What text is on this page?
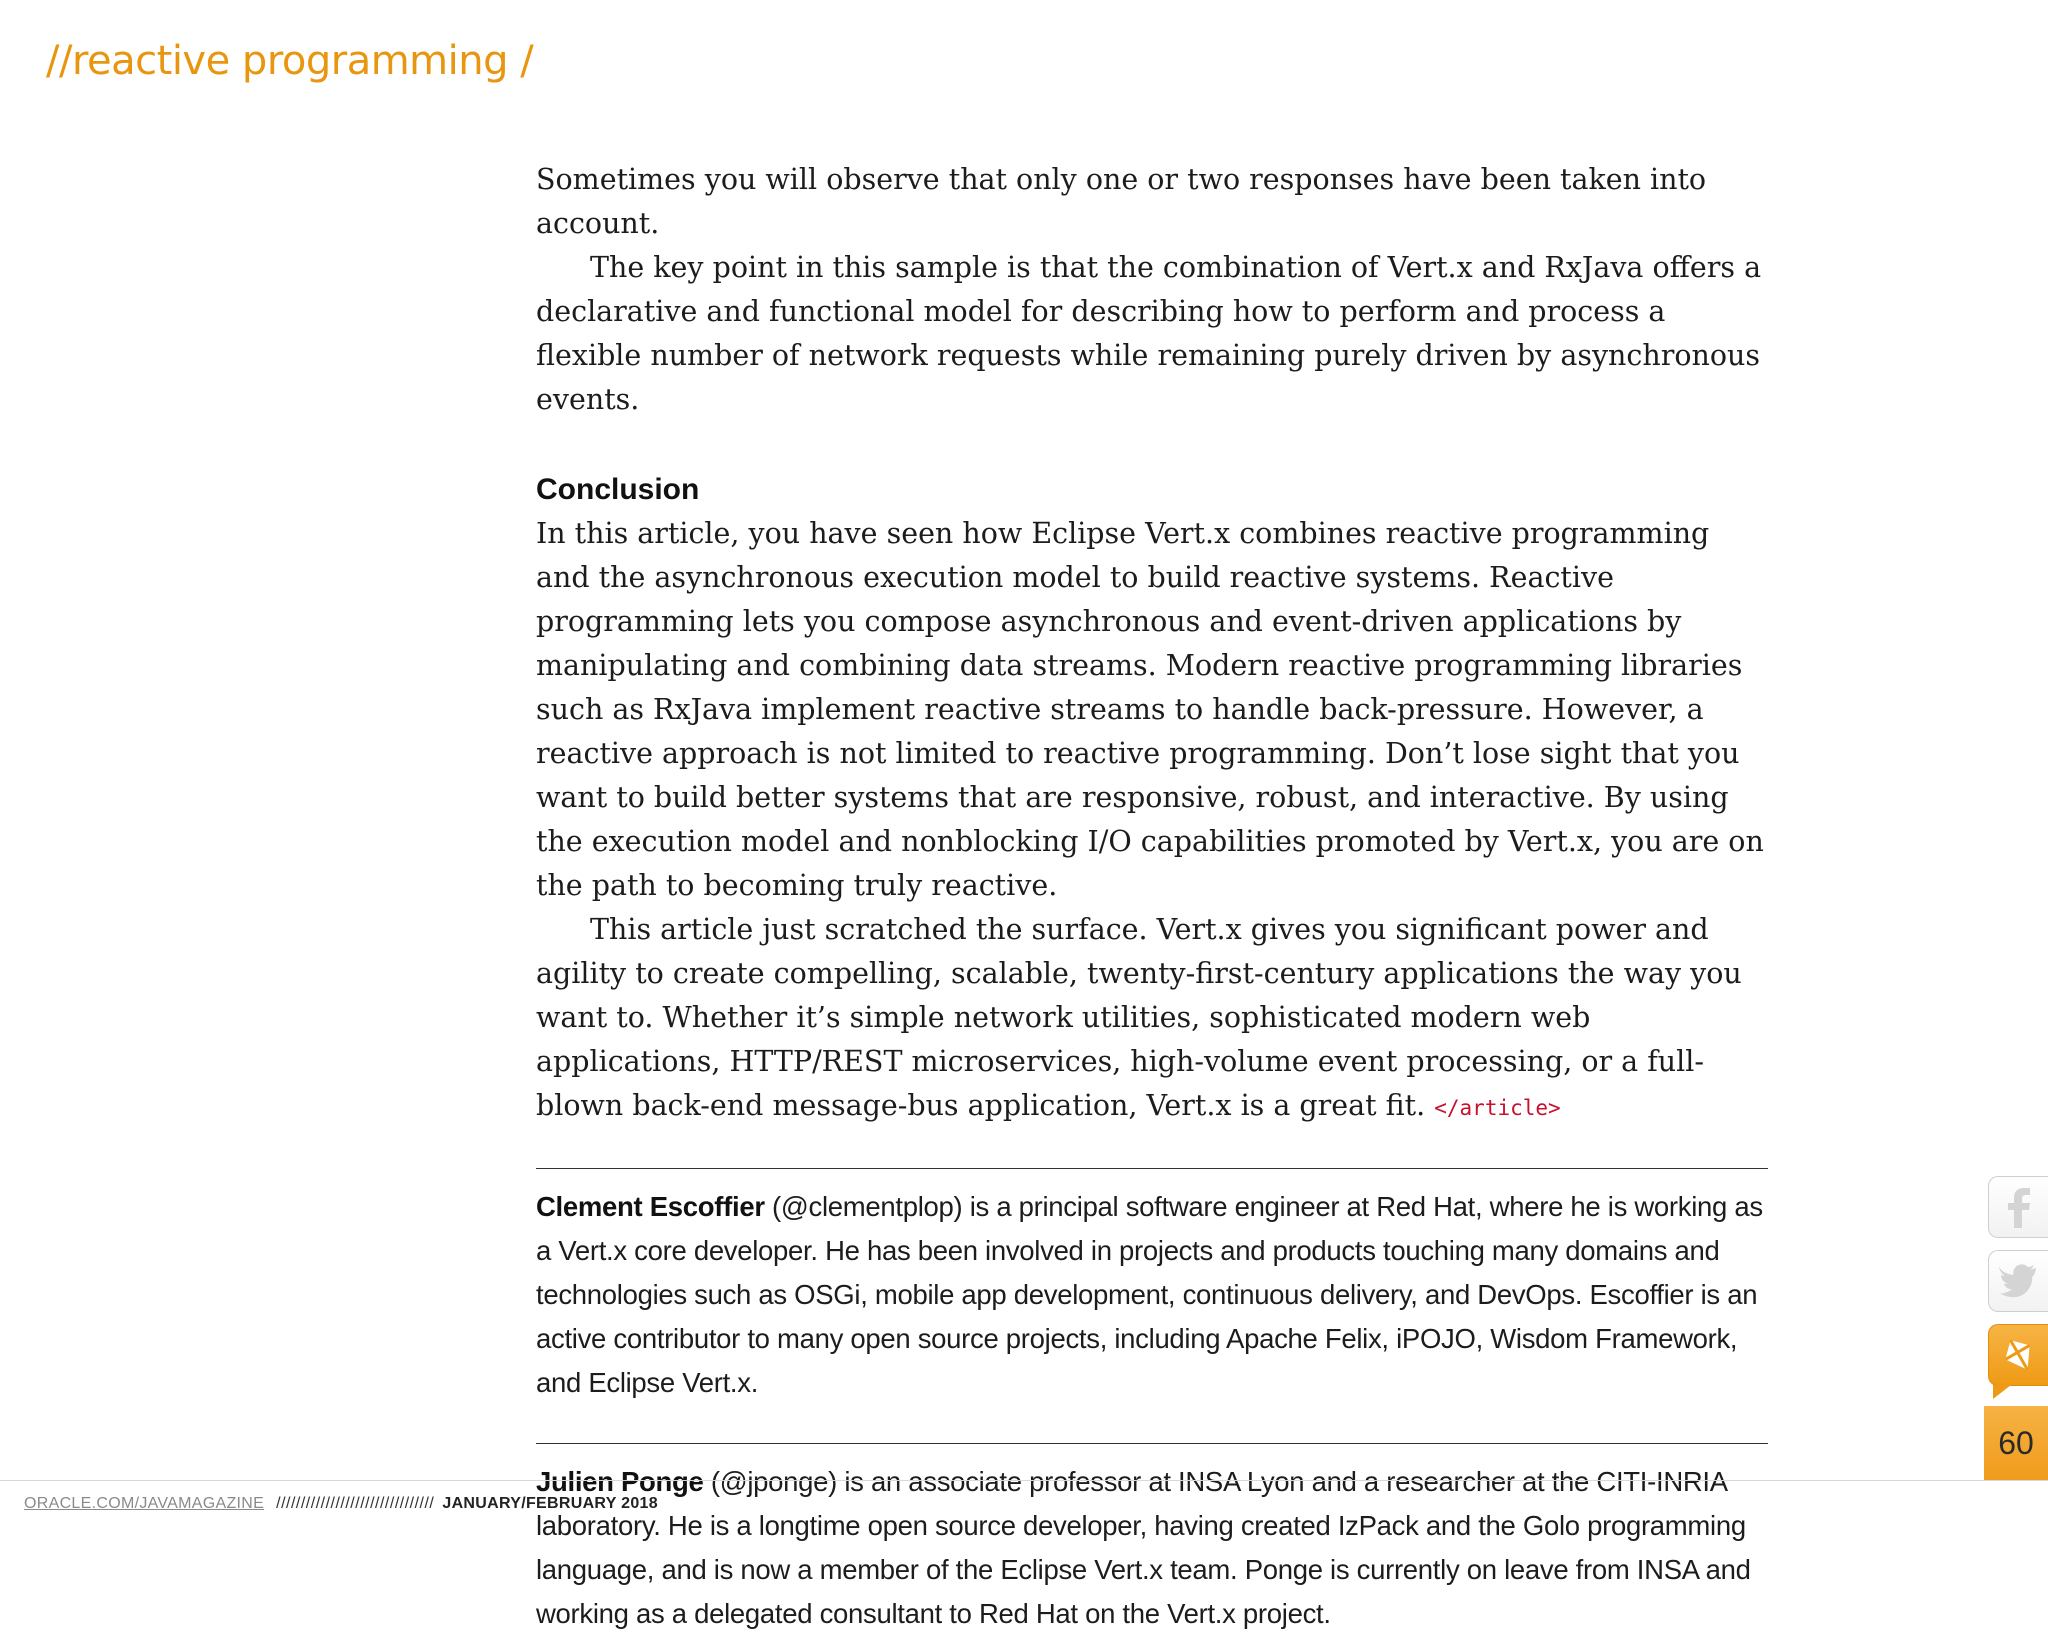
//reactive programming /

Sometimes you will observe that only one or two responses have been taken into account.

The key point in this sample is that the combination of Vert.x and RxJava offers a declarative and functional model for describing how to perform and process a flexible number of network requests while remaining purely driven by asynchronous events.

Conclusion

In this article, you have seen how Eclipse Vert.x combines reactive programming and the asynchronous execution model to build reactive systems. Reactive programming lets you compose asynchronous and event-driven applications by manipulating and combining data streams. Modern reactive programming libraries such as RxJava implement reactive streams to handle back-pressure. However, a reactive approach is not limited to reactive programming. Don’t lose sight that you want to build better systems that are responsive, robust, and interactive. By using the execution model and nonblocking I/O capabilities promoted by Vert.x, you are on the path to becoming truly reactive.

This article just scratched the surface. Vert.x gives you significant power and agility to create compelling, scalable, twenty-first-century applications the way you want to. Whether it’s simple network utilities, sophisticated modern web applications, HTTP/REST microservices, high-volume event processing, or a full-blown back-end message-bus application, Vert.x is a great fit. </article>

Clement Escoffier (@clementplop) is a principal software engineer at Red Hat, where he is working as a Vert.x core developer. He has been involved in projects and products touching many domains and technologies such as OSGi, mobile app development, continuous delivery, and DevOps. Escoffier is an active contributor to many open source projects, including Apache Felix, iPOJO, Wisdom Framework, and Eclipse Vert.x.
Julien Ponge (@jponge) is an associate professor at INSA Lyon and a researcher at the CITI-INRIA laboratory. He is a longtime open source developer, having created IzPack and the Golo programming language, and is now a member of the Eclipse Vert.x team. Ponge is currently on leave from INSA and working as a delegated consultant to Red Hat on the Vert.x project.
60
ORACLE.COM/JAVAMAGAZINE //////////////////////////////// JANUARY/FEBRUARY 2018
